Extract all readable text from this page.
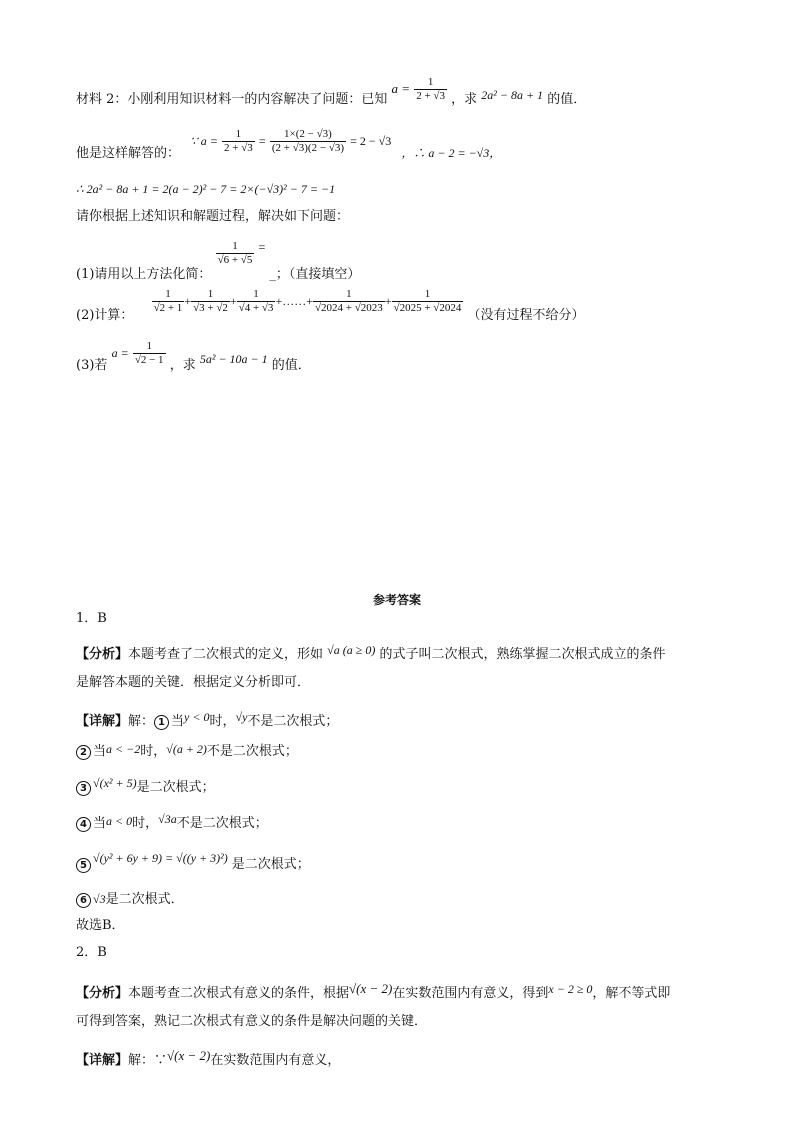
材料 2：小刚利用知识材料一的内容解决了问题：已知 $a = \frac{1}{2 + √3}$ ，求 2a² − 8a + 1 的值．
他是这样解答的： ∵ $a = \frac{1}{2 + √3} = \frac{1\times(2 - √3)}{(2 + √3)(2 - √3)} = 2 - √3$ ，∴ a − 2 = −√3，
∴ 2a² − 8a + 1 = 2(a − 2)² − 7 = 2×(−√3)² − 7 = −1
请你根据上述知识和解题过程，解决如下问题：
(1)请用以上方法化简：
$\frac{1}{√6 + √5}$ = _；（直接填空）
(2)计算：
$\frac{1}{√2 + 1} + \frac{1}{√3 + √2} + \frac{1}{√4 + √3}$ +……+ $\frac{1}{√2024 + √2023} + \frac{1}{√2025 + √2024}$
（没有过程不给分）
(3)若 $a = \frac{1}{√2 - 1}$ ，求 5a² − 10a − 1 的值．
参考答案
1．B
【分析】本题考查了二次根式的定义，形如 √a (a ≥ 0) 的式子叫二次根式，熟练掌握二次根式成立的条件
是解答本题的关键．根据定义分析即可．
【详解】解： 1 当y < 0时，√y不是二次根式；
2 当a < −2时，√(a + 2)不是二次根式；
3 √(x² + 5)是二次根式；
4 当a < 0时，√3a不是二次根式；
5√(y² + 6y + 9) = √((y + 3)²) 是二次根式；
6 √3是二次根式．
故选B．
2．B
【分析】本题考查二次根式有意义的条件，根据√(x − 2)在实数范围内有意义，得到x − 2 ≥ 0，解不等式即
可得到答案，熟记二次根式有意义的条件是解决问题的关键．
【详解】解：∵√(x − 2)在实数范围内有意义，
